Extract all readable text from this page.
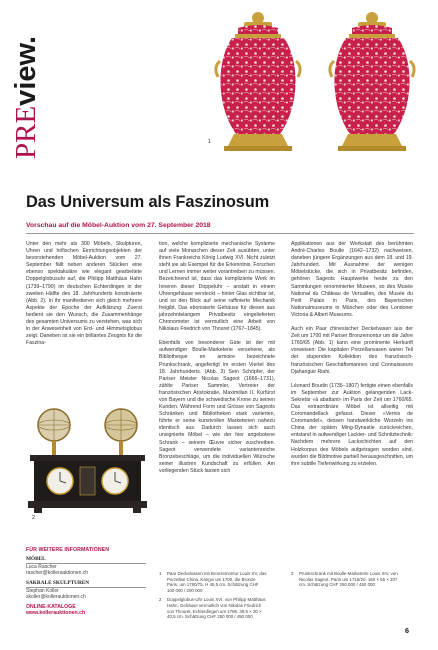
PREview.
1
2
Das Universum als Faszinosum
Vorschau auf die Möbel-Auktion vom 27. September 2018

Unter den mehr als 300 Möbeln, Skulpturen, Uhren und höfischen Einrichtungsobjekten der bevorstehenden Möbel-Auktion vom 27. September fällt neben anderen Stücken eine ebenso spektakuläre wie elegant gearbeitete Doppelglobusuhr auf, die Philipp Matthäus Hahn (1739–1790) im deutschen Echterdingen in der zweiten Hälfte des 18. Jahrhunderts konstruierte (Abb. 2). In ihr manifestieren sich gleich mehrere Aspekte der Epoche der Aufklärung: Zuerst bedient sie den Wunsch, die Zusammenhänge des gesamten Universums zu verstehen, was sich in der Anwesenheit von Erd- und Himmelsglobus zeigt. Daneben ist sie ein brillantes Zeugnis für die Faszina-

tion, welche komplizierte mechanische Systeme auf viele Monarchen dieser Zeit ausübten, unter ihnen Frankreichs König Ludwig XVI. Nicht zuletzt steht sie als Exempel für die Erkenntnis, Forschen und Lernen immer weiter vorantreiben zu müssen. Bezeichnend ist, dass das komplizierte Werk im Inneren dieser Doppeluhr – anstatt in einem Uhrengehäuse versteckt – hinter Glas sichtbar ist, und so den Blick auf seine raffinierte Mechanik freigibt. Das ebonisierte Gehäuse für diesen aus jahrzehntelangem Privatbesitz eingelieferten Chronometer ist vermutlich eine Arbeit von Nikolaus Friedrich von Thouret (1767–1845).

Ebenfalls von besonderer Güte ist der mit aufwendiger Boulle-Marketerie versehene, als Bibliotheque en armoire bezeichnete Prunkschrank, angefertigt im ersten Viertel des 18. Jahrhunderts. (Abb. 3) Sein Schöpfer, der Pariser Meister Nicolas Sageot (1666–1731), zählte Pariser Sammler, Vertreter der französischen Aristokratie, Maximilian II. Kurfürst von Bayern und die schwedische Krone zu seinen Kunden. Während Form und Grösse von Sageots Schränken und Bibliotheken stark variierten, führte er seine kunstvollen Marketerien nahezu identisch aus. Dadurch lassen sich auch unsignierte Möbel – wie der hier angebotene Schrank – seinem Œuvre sicher zuschreiben. Sageot verwendete variantenreiche Bronzebeschläge, um die individuellen Wünsche seiner illustren Kundschaft zu erfüllen. Am vorliegenden Stück lassen sich

Applikationen aus der Werkstatt des berühmten André-Charles Boulle (1642–1732) nachweisen, daneben jüngere Ergänzungen aus dem 18. und 19. Jahrhundert. Mit Ausnahme der wenigen Möbelstücke, die sich in Privatbesitz befinden, gehören Sageots Hauptwerke heute zu den Sammlungen renommierter Museen, so des Musée National du Château de Versailles, des Musée du Petit Palais in Paris, des Bayerischen Nationalmuseums in München oder des Londoner Victoria & Albert Museums.

Auch ein Paar chinesischer Deckelvasen aus der Zeit um 1700 mit Pariser Bronzemontur um die Jahre 1760/65 (Abb. 1) kann eine prominente Herkunft vorweisen: Die kapitalen Porzellanvasen waren Teil der stupenden Kollektion des französisch-französischen Geschäftsmannes und Connaisseurs Djahanguir Riahi.

Léonard Boudin (1735–1807) fertigte einen ebenfalls im September zur Auktion gelangenden Lack-Sekretär «à abattant» im Paris der Zeit um 1760/65. Das extraordinäre Möbel ist allseitig mit Coromandellack gefasst. Dieser «Vernis de Coromandel», dessen handwerkliche Wurzeln ins China der späten Ming-Dynastie zurückreichen, entstand in aufwendiger Lackier- und Schnitztechnik: Nachdem mehrere Lackschichten auf den Holzkorpus des Möbels aufgetragen worden sind, wurden die Bildmotive partiell herausgeschnitten, um ihre subtile Tiefenwirkung zu erzielen.

FÜR WEITERE INFORMATIONEN
MÖBEL
Luca Rascher
rascher@kollerauktionen.ch
SAKRALE SKULPTUREN
Stephan Koller
skoller@kollerauktionen.ch
ONLINE-KATALOGE
www.kollerauktionen.ch
1	Paar Deckelvasen mit Bronzemontur Louis XV, das Porzellan China, Kangxi um 1700, die Bronze Paris, um 1760/75. H 45,5 cm. Schätzung CHF 100 000 / 200 000
2	Doppelglobus-Uhr Louis XVI, von Philipp Matthäus Hahn, Gehäuse vermutlich von Nikolas Friedrich von Thouret, Echterdingen um 1785. 39,5 × 20 × 40,5 cm. Schätzung CHF 250 000 / 450 000
3	Prunkschrank mit Boulle-Marketerie Louis XIV, von Nicolas Sageot, Paris um 1715/20. 160 × 55 × 207 cm. Schätzung CHF 250 000 / 450 000
6
